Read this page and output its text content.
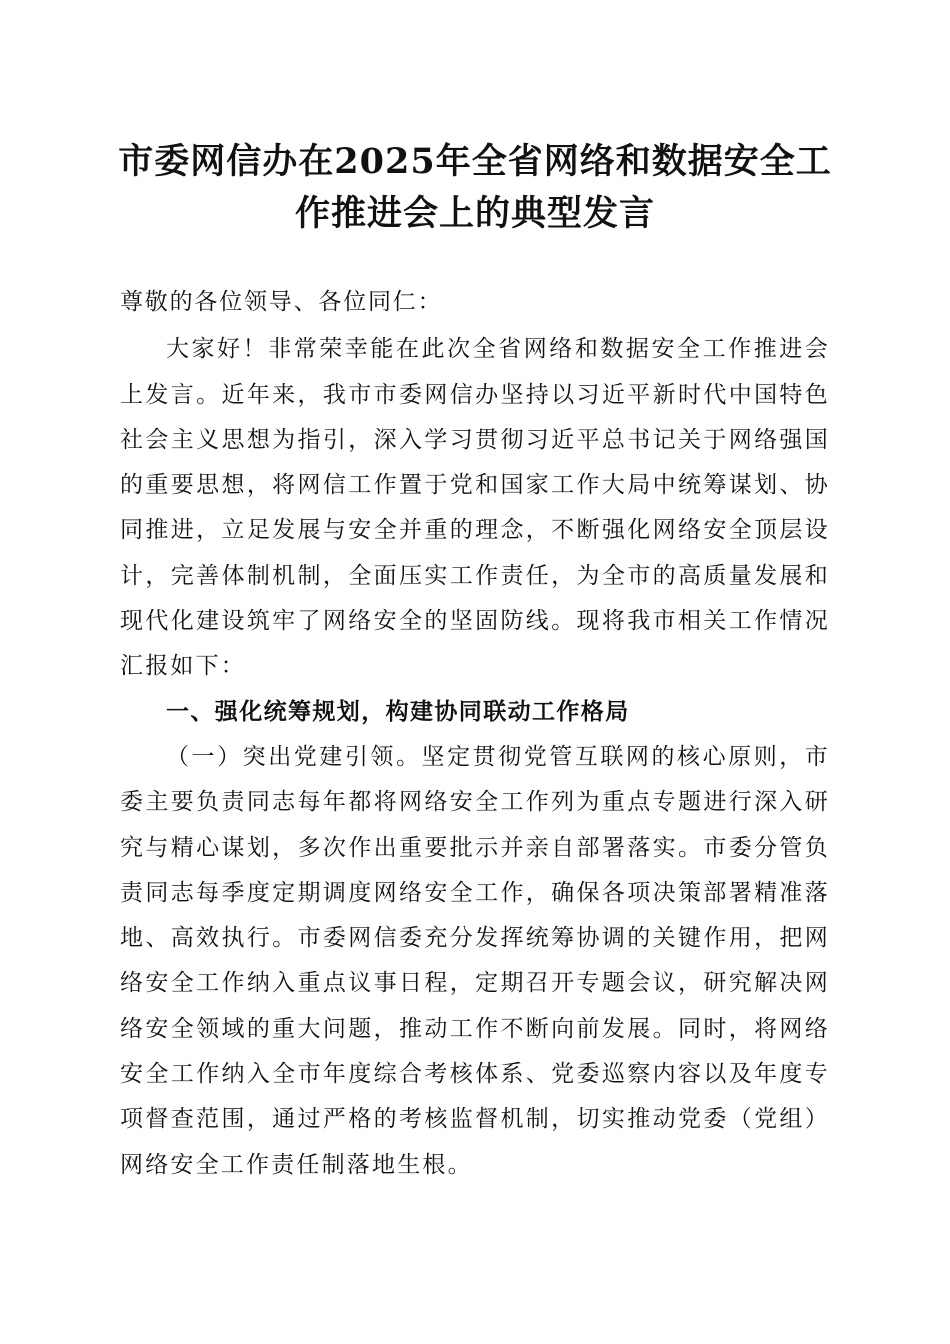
市委网信办在2025年全省网络和数据安全工
作推进会上的典型发言

尊敬的各位领导、各位同仁：

大家好！非常荣幸能在此次全省网络和数据安全工作推进会上发言。近年来，我市市委网信办坚持以习近平新时代中国特色社会主义思想为指引，深入学习贯彻习近平总书记关于网络强国的重要思想，将网信工作置于党和国家工作大局中统筹谋划、协同推进，立足发展与安全并重的理念，不断强化网络安全顶层设计，完善体制机制，全面压实工作责任，为全市的高质量发展和现代化建设筑牢了网络安全的坚固防线。现将我市相关工作情况汇报如下：

一、强化统筹规划，构建协同联动工作格局

（一）突出党建引领。坚定贯彻党管互联网的核心原则，市委主要负责同志每年都将网络安全工作列为重点专题进行深入研究与精心谋划，多次作出重要批示并亲自部署落实。市委分管负责同志每季度定期调度网络安全工作，确保各项决策部署精准落地、高效执行。市委网信委充分发挥统筹协调的关键作用，把网络安全工作纳入重点议事日程，定期召开专题会议，研究解决网络安全领域的重大问题，推动工作不断向前发展。同时，将网络安全工作纳入全市年度综合考核体系、党委巡察内容以及年度专项督查范围，通过严格的考核监督机制，切实推动党委（党组）网络安全工作责任制落地生根。
